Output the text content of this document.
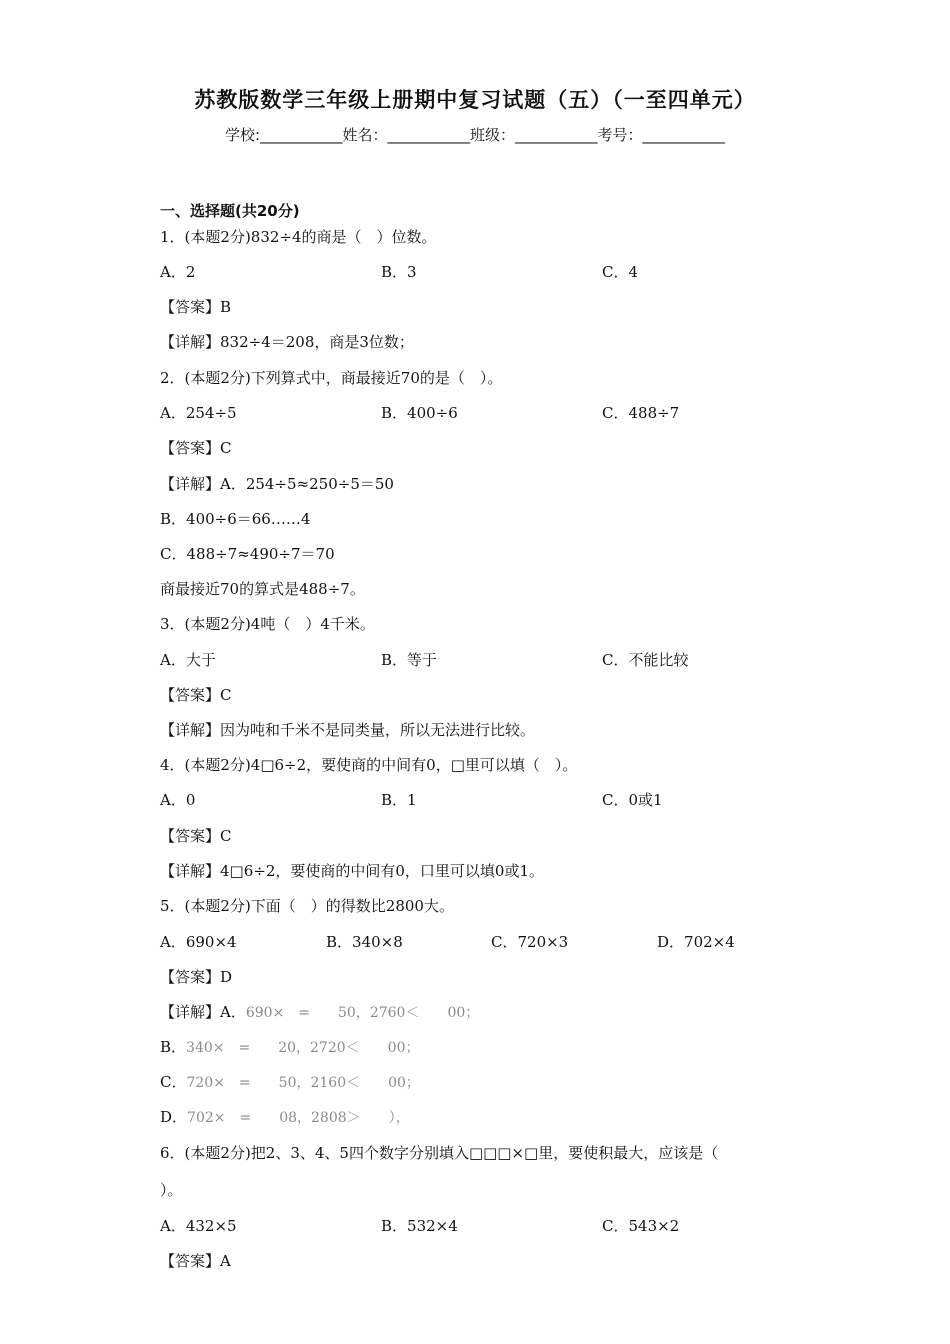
苏教版数学三年级上册期中复习试题（五）（一至四单元）
学校:___________姓名：___________班级：___________考号：___________
一、选择题(共20分)
1．(本题2分)832÷4的商是（　）位数。
A．2	B．3	C．4
【答案】B
【详解】832÷4＝208，商是3位数；
2．(本题2分)下列算式中，商最接近70的是（　）。
A．254÷5	B．400÷6	C．488÷7
【答案】C
【详解】A．254÷5≈250÷5＝50
B．400÷6＝66……4
C．488÷7≈490÷7＝70
商最接近70的算式是488÷7。
3．(本题2分)4吨（　）4千米。
A．大于	B．等于	C．不能比较
【答案】C
【详解】因为吨和千米不是同类量，所以无法进行比较。
4．(本题2分)4□6÷2，要使商的中间有0，□里可以填（　）。
A．0	B．1	C．0或1
【答案】C
【详解】4□6÷2，要使商的中间有0，口里可以填0或1。
5．(本题2分)下面（　）的得数比2800大。
A．690×4	B．340×8	C．720×3	D．702×4
【答案】D
【详解】A．690×　=　　50，2760＜　　00；
B．340×　=　　20，2720＜　　00；
C．720×　=　　50，2160＜　　00；
D．702×　=　　08，2808＞　　），
6．(本题2分)把2、3、4、5四个数字分别填入□□□×□里，要使积最大，应该是（
）。
A．432×5	B．532×4	C．543×2
【答案】A
